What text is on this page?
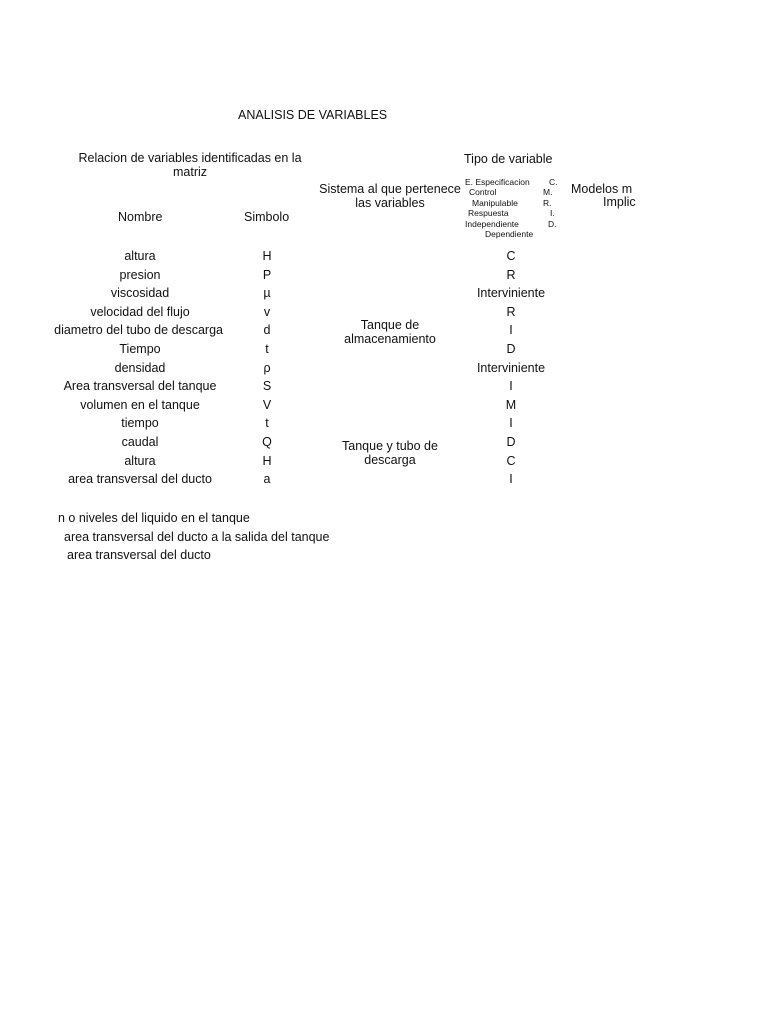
ANALISIS DE VARIABLES
Relacion de variables identificadas en la matriz
Nombre	Simbolo
Sistema al que pertenece las variables
Tipo de variable
Modelos m
Implic
E. Especificacion C.
Control	M.
Manipulable	R.
Respuesta	I.
Independiente	D.
Dependiente
altura	H	C
presion	P	R
viscosidad	µ	Interviniente
velocidad del flujo	v	R
diametro del tubo de descarga	d	I
Tiempo	t	D
densidad	ρ	Interviniente
Area transversal del tanque	S	I
volumen en el tanque	V	M
tiempo	t	I
caudal	Q	D
altura	H	C
area transversal del ducto	a	I
Tanque de almacenamiento
Tanque y tubo de descarga
n o niveles del liquido en el tanque
area transversal del ducto a la salida del tanque
area transversal del ducto
